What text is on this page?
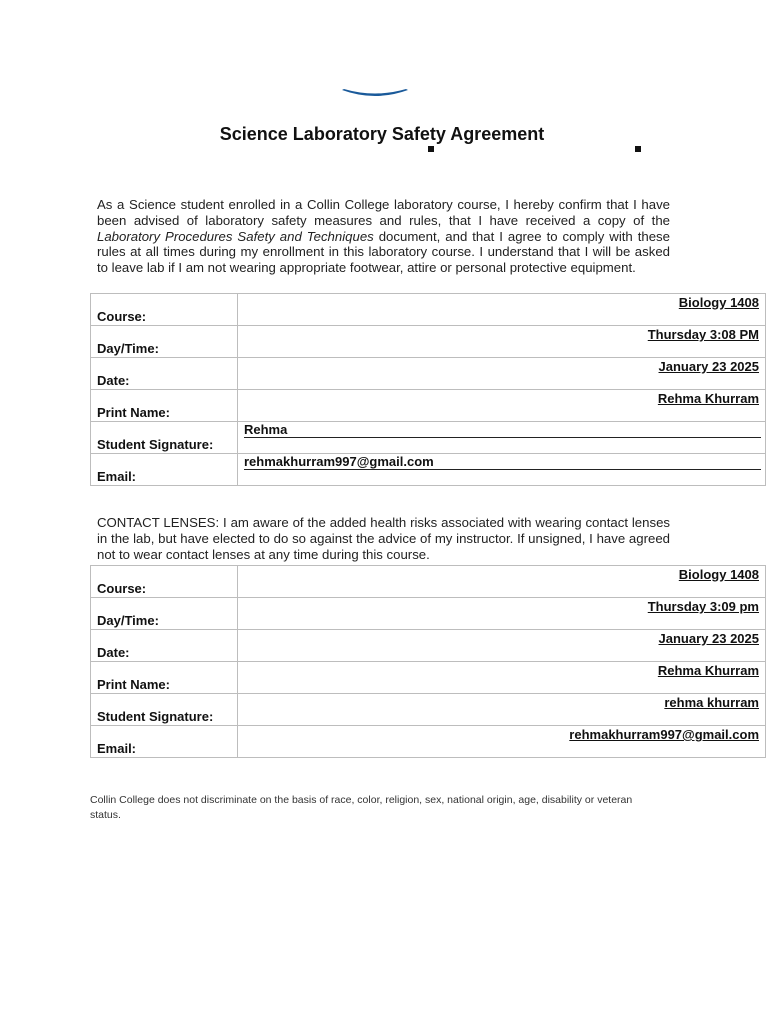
Science Laboratory Safety Agreement
As a Science student enrolled in a Collin College laboratory course, I hereby confirm that I have been advised of laboratory safety measures and rules, that I have received a copy of the Laboratory Procedures Safety and Techniques document, and that I agree to comply with these rules at all times during my enrollment in this laboratory course. I understand that I will be asked to leave lab if I am not wearing appropriate footwear, attire or personal protective equipment.
Course:	Biology 1408

Day/Time:	Thursday 3:08 PM

Date:	January 23 2025

Print Name:	Rehma Khurram

Student Signature:	Rehma

Email:	rehmakhurram997@gmail.com
CONTACT LENSES: I am aware of the added health risks associated with wearing contact lenses in the lab, but have elected to do so against the advice of my instructor. If unsigned, I have agreed not to wear contact lenses at any time during this course.
Course:	Biology 1408

Day/Time:	Thursday 3:09 pm

Date:	January 23 2025

Print Name:	Rehma Khurram

Student Signature:	rehma khurram

Email:	rehmakhurram997@gmail.com
Collin College does not discriminate on the basis of race, color, religion, sex, national origin, age, disability or veteran status.
